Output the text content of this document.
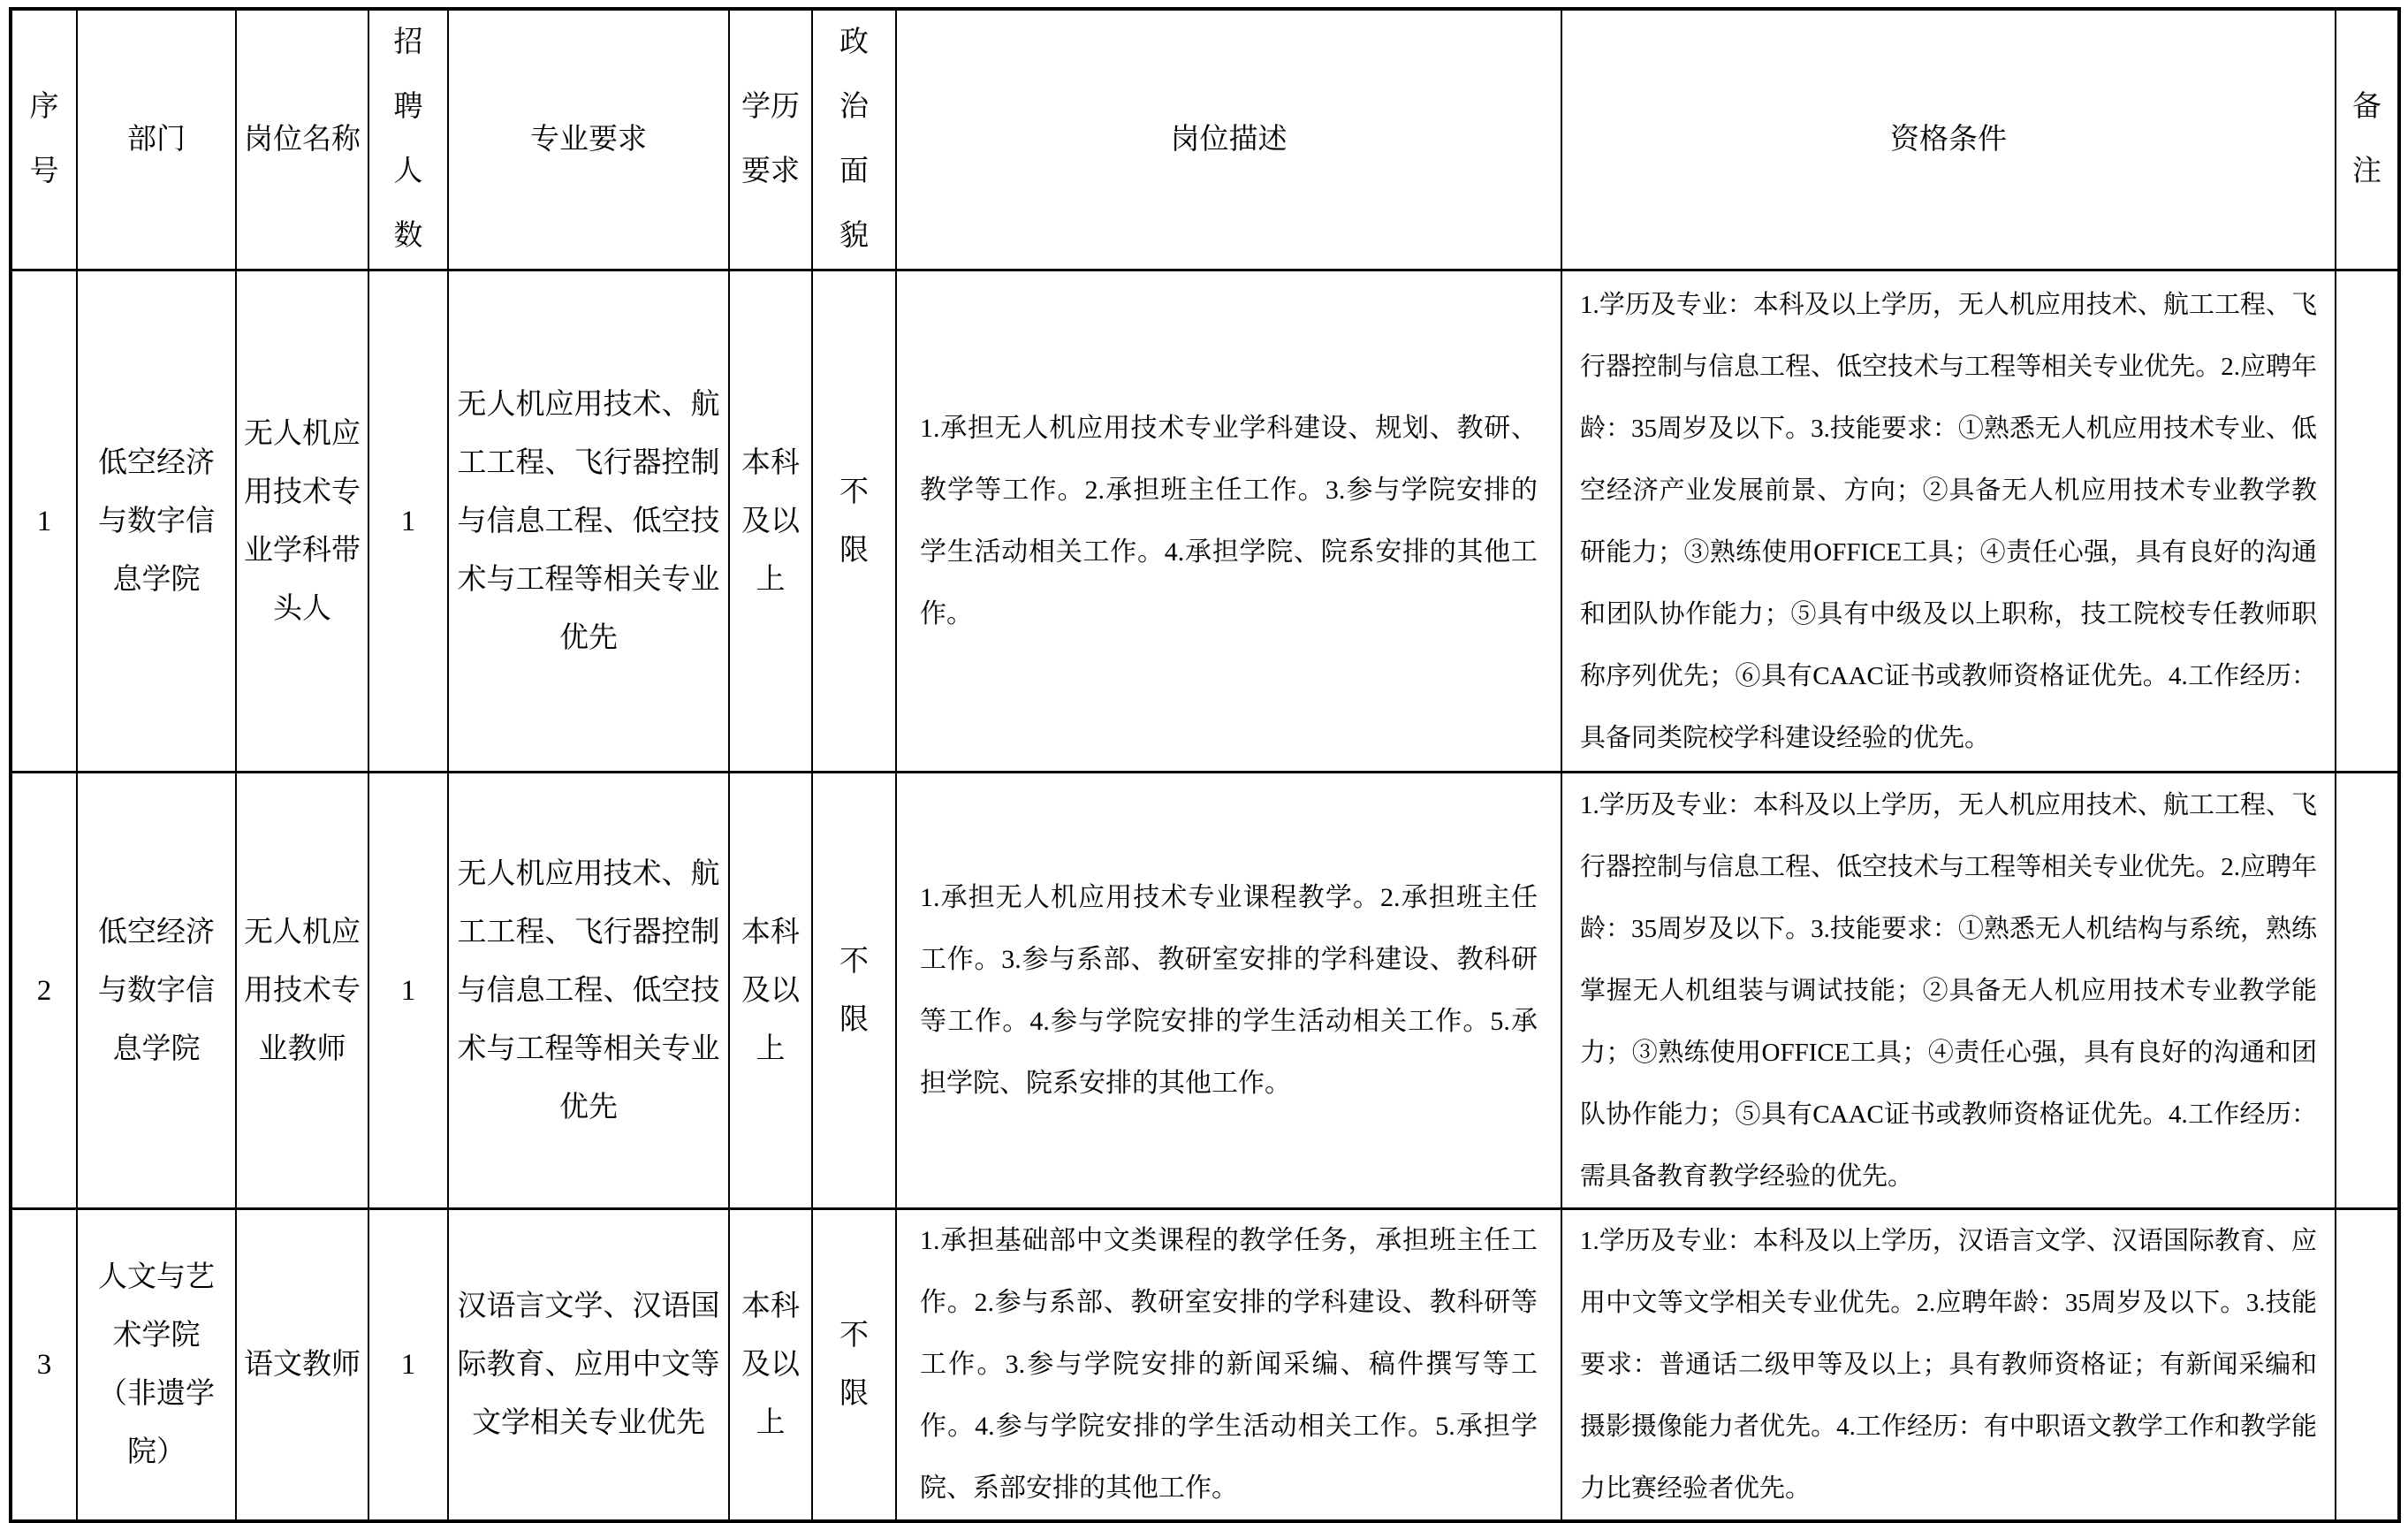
序号	部门	岗位名称	招聘人数	专业要求	学历要求	政治面貌	岗位描述	资格条件	备注
1	低空经济与数字信息学院	无人机应用技术专业学科带头人	1	无人机应用技术、航工工程、飞行器控制与信息工程、低空技术与工程等相关专业优先	本科及以上	不限	1.承担无人机应用技术专业学科建设、规划、教研、教学等工作。2.承担班主任工作。3.参与学院安排的学生活动相关工作。4.承担学院、院系安排的其他工作。	1.学历及专业：本科及以上学历，无人机应用技术、航工工程、飞行器控制与信息工程、低空技术与工程等相关专业优先。2.应聘年龄：35周岁及以下。3.技能要求：①熟悉无人机应用技术专业、低空经济产业发展前景、方向；②具备无人机应用技术专业教学教研能力；③熟练使用OFFICE工具；④责任心强，具有良好的沟通和团队协作能力；⑤具有中级及以上职称，技工院校专任教师职称序列优先；⑥具有CAAC证书或教师资格证优先。4.工作经历：具备同类院校学科建设经验的优先。	
2	低空经济与数字信息学院	无人机应用技术专业教师	1	无人机应用技术、航工工程、飞行器控制与信息工程、低空技术与工程等相关专业优先	本科及以上	不限	1.承担无人机应用技术专业课程教学。2.承担班主任工作。3.参与系部、教研室安排的学科建设、教科研等工作。4.参与学院安排的学生活动相关工作。5.承担学院、院系安排的其他工作。	1.学历及专业：本科及以上学历，无人机应用技术、航工工程、飞行器控制与信息工程、低空技术与工程等相关专业优先。2.应聘年龄：35周岁及以下。3.技能要求：①熟悉无人机结构与系统，熟练掌握无人机组装与调试技能；②具备无人机应用技术专业教学能力；③熟练使用OFFICE工具；④责任心强，具有良好的沟通和团队协作能力；⑤具有CAAC证书或教师资格证优先。4.工作经历：需具备教育教学经验的优先。	
3	人文与艺术学院（非遗学院）	语文教师	1	汉语言文学、汉语国际教育、应用中文等文学相关专业优先	本科及以上	不限	1.承担基础部中文类课程的教学任务，承担班主任工作。2.参与系部、教研室安排的学科建设、教科研等工作。3.参与学院安排的新闻采编、稿件撰写等工作。4.参与学院安排的学生活动相关工作。5.承担学院、系部安排的其他工作。	1.学历及专业：本科及以上学历，汉语言文学、汉语国际教育、应用中文等文学相关专业优先。2.应聘年龄：35周岁及以下。3.技能要求：普通话二级甲等及以上；具有教师资格证；有新闻采编和摄影摄像能力者优先。4.工作经历：有中职语文教学工作和教学能力比赛经验者优先。	
